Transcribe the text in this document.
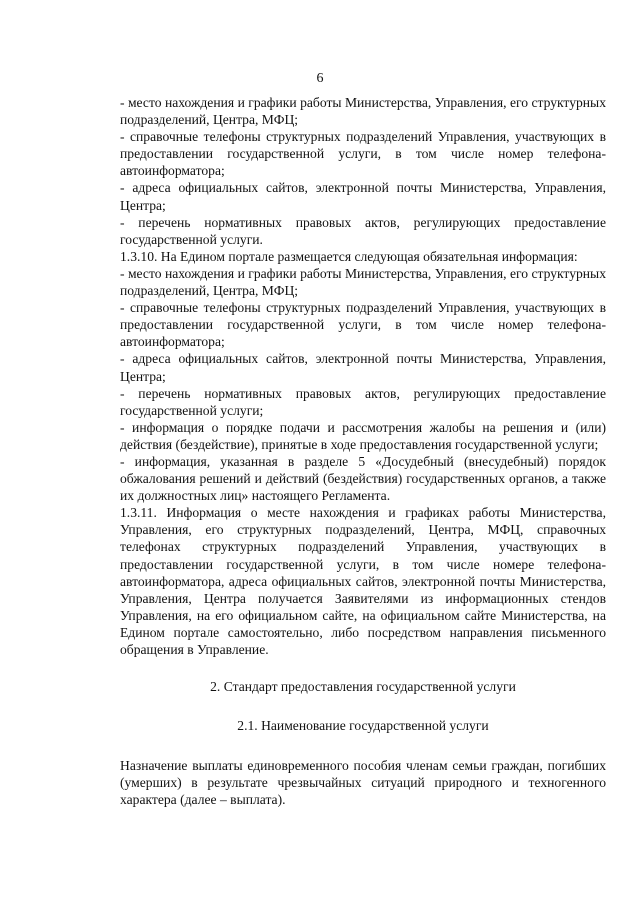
6

- место нахождения и графики работы Министерства, Управления, его структурных подразделений, Центра, МФЦ;

- справочные телефоны структурных подразделений Управления, участвующих в предоставлении государственной услуги, в том числе номер телефона-автоинформатора;

- адреса официальных сайтов, электронной почты Министерства, Управления, Центра;

- перечень нормативных правовых актов, регулирующих предоставление государственной услуги.

1.3.10. На Едином портале размещается следующая обязательная информация:

- место нахождения и графики работы Министерства, Управления, его структурных подразделений, Центра, МФЦ;

- справочные телефоны структурных подразделений Управления, участвующих в предоставлении государственной услуги, в том числе номер телефона-автоинформатора;

- адреса официальных сайтов, электронной почты Министерства, Управления, Центра;

- перечень нормативных правовых актов, регулирующих предоставление государственной услуги;

- информация о порядке подачи и рассмотрения жалобы на решения и (или) действия (бездействие), принятые в ходе предоставления государственной услуги;

- информация, указанная в разделе 5 «Досудебный (внесудебный) порядок обжалования решений и действий (бездействия) государственных органов, а также их должностных лиц» настоящего Регламента.

1.3.11. Информация о месте нахождения и графиках работы Министерства, Управления, его структурных подразделений, Центра, МФЦ, справочных телефонах структурных подразделений Управления, участвующих в предоставлении государственной услуги, в том числе номере телефона-автоинформатора, адреса официальных сайтов, электронной почты Министерства, Управления, Центра получается Заявителями из информационных стендов Управления, на его официальном сайте, на официальном сайте Министерства, на Едином портале самостоятельно, либо посредством направления письменного обращения в Управление.

2. Стандарт предоставления государственной услуги

2.1. Наименование государственной услуги

Назначение выплаты единовременного пособия членам семьи граждан, погибших (умерших) в результате чрезвычайных ситуаций природного и техногенного характера (далее – выплата).
